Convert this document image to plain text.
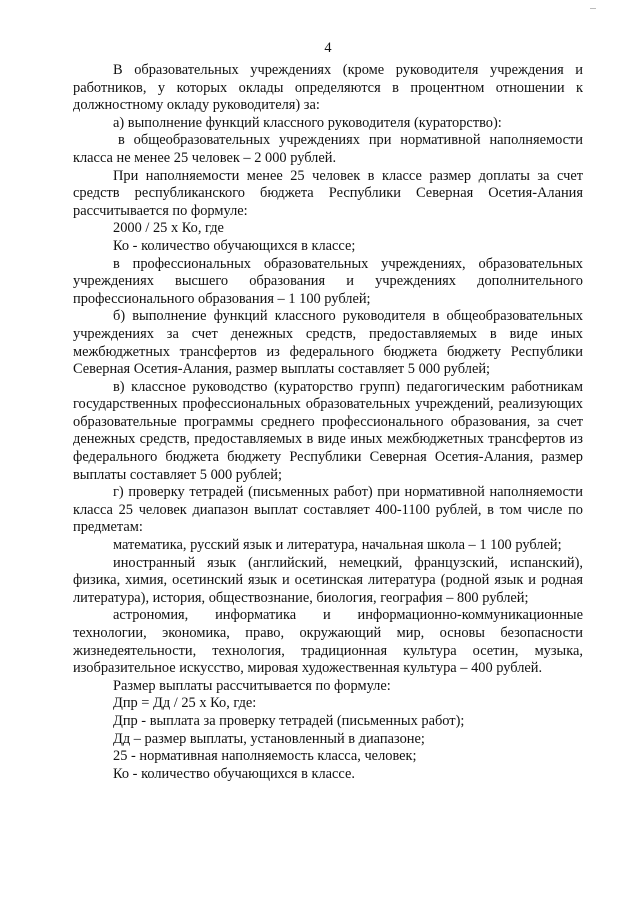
4

В образовательных учреждениях (кроме руководителя учреждения и работников, у которых оклады определяются в процентном отношении к должностному окладу руководителя) за:

а) выполнение функций классного руководителя (кураторство):

в общеобразовательных учреждениях при нормативной наполняемости класса не менее 25 человек – 2 000 рублей.

При наполняемости менее 25 человек в классе размер доплаты за счет средств республиканского бюджета Республики Северная Осетия-Алания рассчитывается по формуле:

2000 / 25 х Ко, где

Ко - количество обучающихся в классе;

в профессиональных образовательных учреждениях, образовательных учреждениях высшего образования и учреждениях дополнительного профессионального образования – 1 100 рублей;

б) выполнение функций классного руководителя в общеобразовательных учреждениях за счет денежных средств, предоставляемых в виде иных межбюджетных трансфертов из федерального бюджета бюджету Республики Северная Осетия-Алания, размер выплаты составляет 5 000 рублей;

в) классное руководство (кураторство групп) педагогическим работникам государственных профессиональных образовательных учреждений, реализующих образовательные программы среднего профессионального образования, за счет денежных средств, предоставляемых в виде иных межбюджетных трансфертов из федерального бюджета бюджету Республики Северная Осетия-Алания, размер выплаты составляет 5 000 рублей;

г) проверку тетрадей (письменных работ) при нормативной наполняемости класса 25 человек диапазон выплат составляет 400-1100 рублей, в том числе по предметам:

математика, русский язык и литература, начальная школа – 1 100 рублей;

иностранный язык (английский, немецкий, французский, испанский), физика, химия, осетинский язык и осетинская литература (родной язык и родная литература), история, обществознание, биология, география – 800 рублей;

астрономия, информатика и информационно-коммуникационные технологии, экономика, право, окружающий мир, основы безопасности жизнедеятельности, технология, традиционная культура осетин, музыка, изобразительное искусство, мировая художественная культура – 400 рублей.

Размер выплаты рассчитывается по формуле:

Дпр = Дд / 25 х Ко, где:

Дпр - выплата за проверку тетрадей (письменных работ);

Дд – размер выплаты, установленный в диапазоне;

25 - нормативная наполняемость класса, человек;

Ко - количество обучающихся в классе.
